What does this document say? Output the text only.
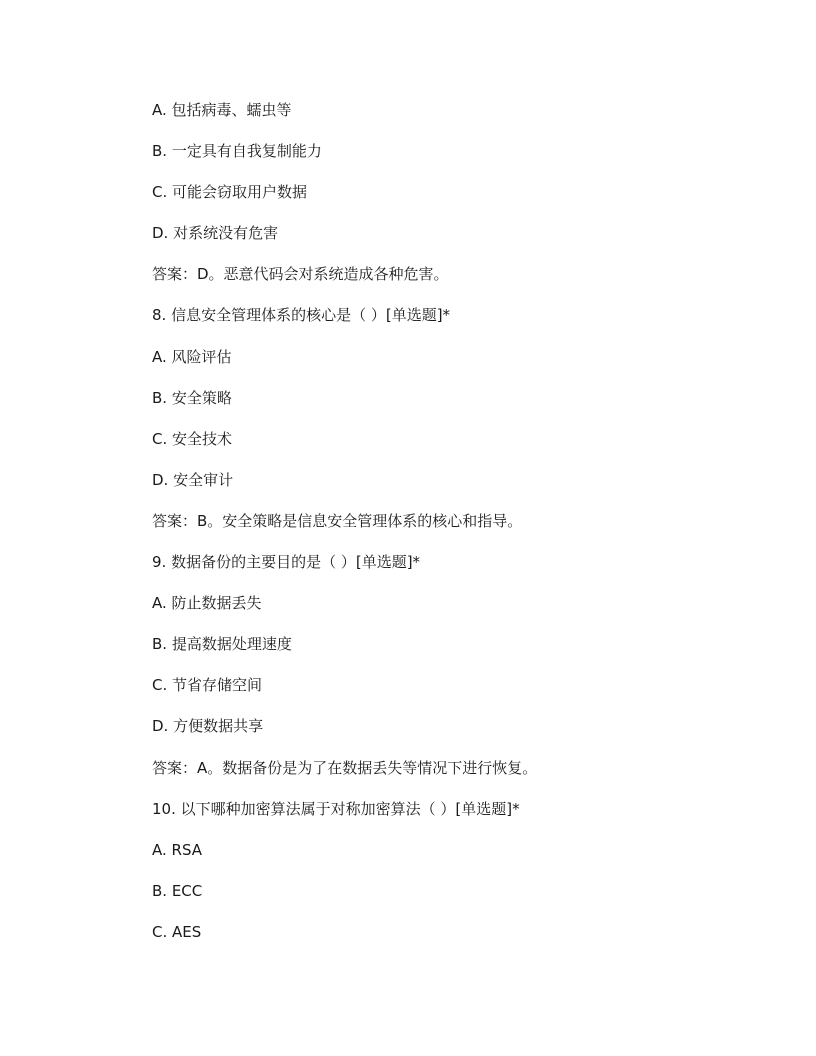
A. 包括病毒、蠕虫等
B. 一定具有自我复制能力
C. 可能会窃取用户数据
D. 对系统没有危害
答案：D。恶意代码会对系统造成各种危害。
8. 信息安全管理体系的核心是（ ）[单选题]*
A. 风险评估
B. 安全策略
C. 安全技术
D. 安全审计
答案：B。安全策略是信息安全管理体系的核心和指导。
9. 数据备份的主要目的是（ ）[单选题]*
A. 防止数据丢失
B. 提高数据处理速度
C. 节省存储空间
D. 方便数据共享
答案：A。数据备份是为了在数据丢失等情况下进行恢复。
10. 以下哪种加密算法属于对称加密算法（ ）[单选题]*
A. RSA
B. ECC
C. AES
